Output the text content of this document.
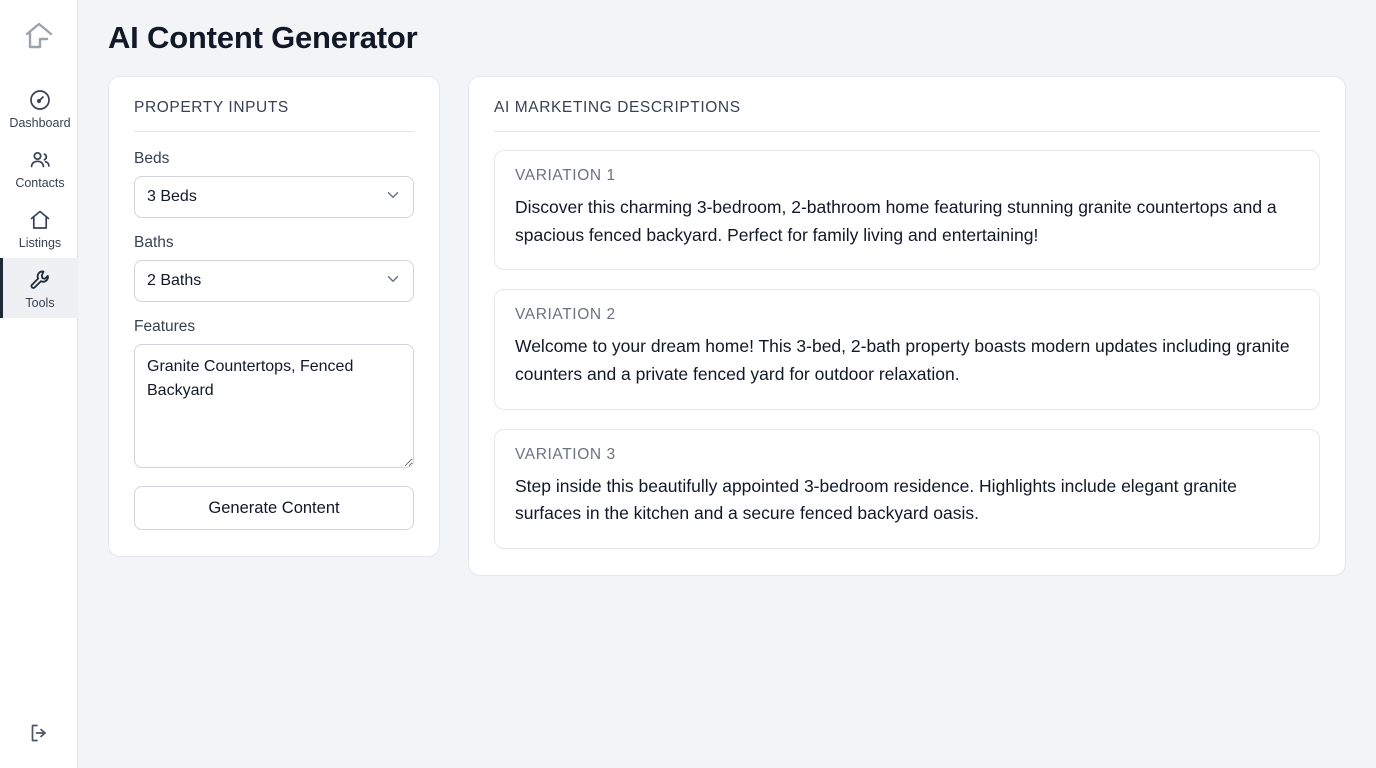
Dashboard
Contacts
Listings
Tools
AI Content Generator
PROPERTY INPUTS
Beds
3 Beds
Baths
2 Baths
Features
Granite Countertops, Fenced Backyard Generate Content
AI MARKETING DESCRIPTIONS
VARIATION 1
Discover this charming 3-bedroom, 2-bathroom home featuring stunning granite countertops and a spacious fenced backyard. Perfect for family living and entertaining!
VARIATION 2
Welcome to your dream home! This 3-bed, 2-bath property boasts modern updates including granite counters and a private fenced yard for outdoor relaxation.
VARIATION 3
Step inside this beautifully appointed 3-bedroom residence. Highlights include elegant granite surfaces in the kitchen and a secure fenced backyard oasis.
